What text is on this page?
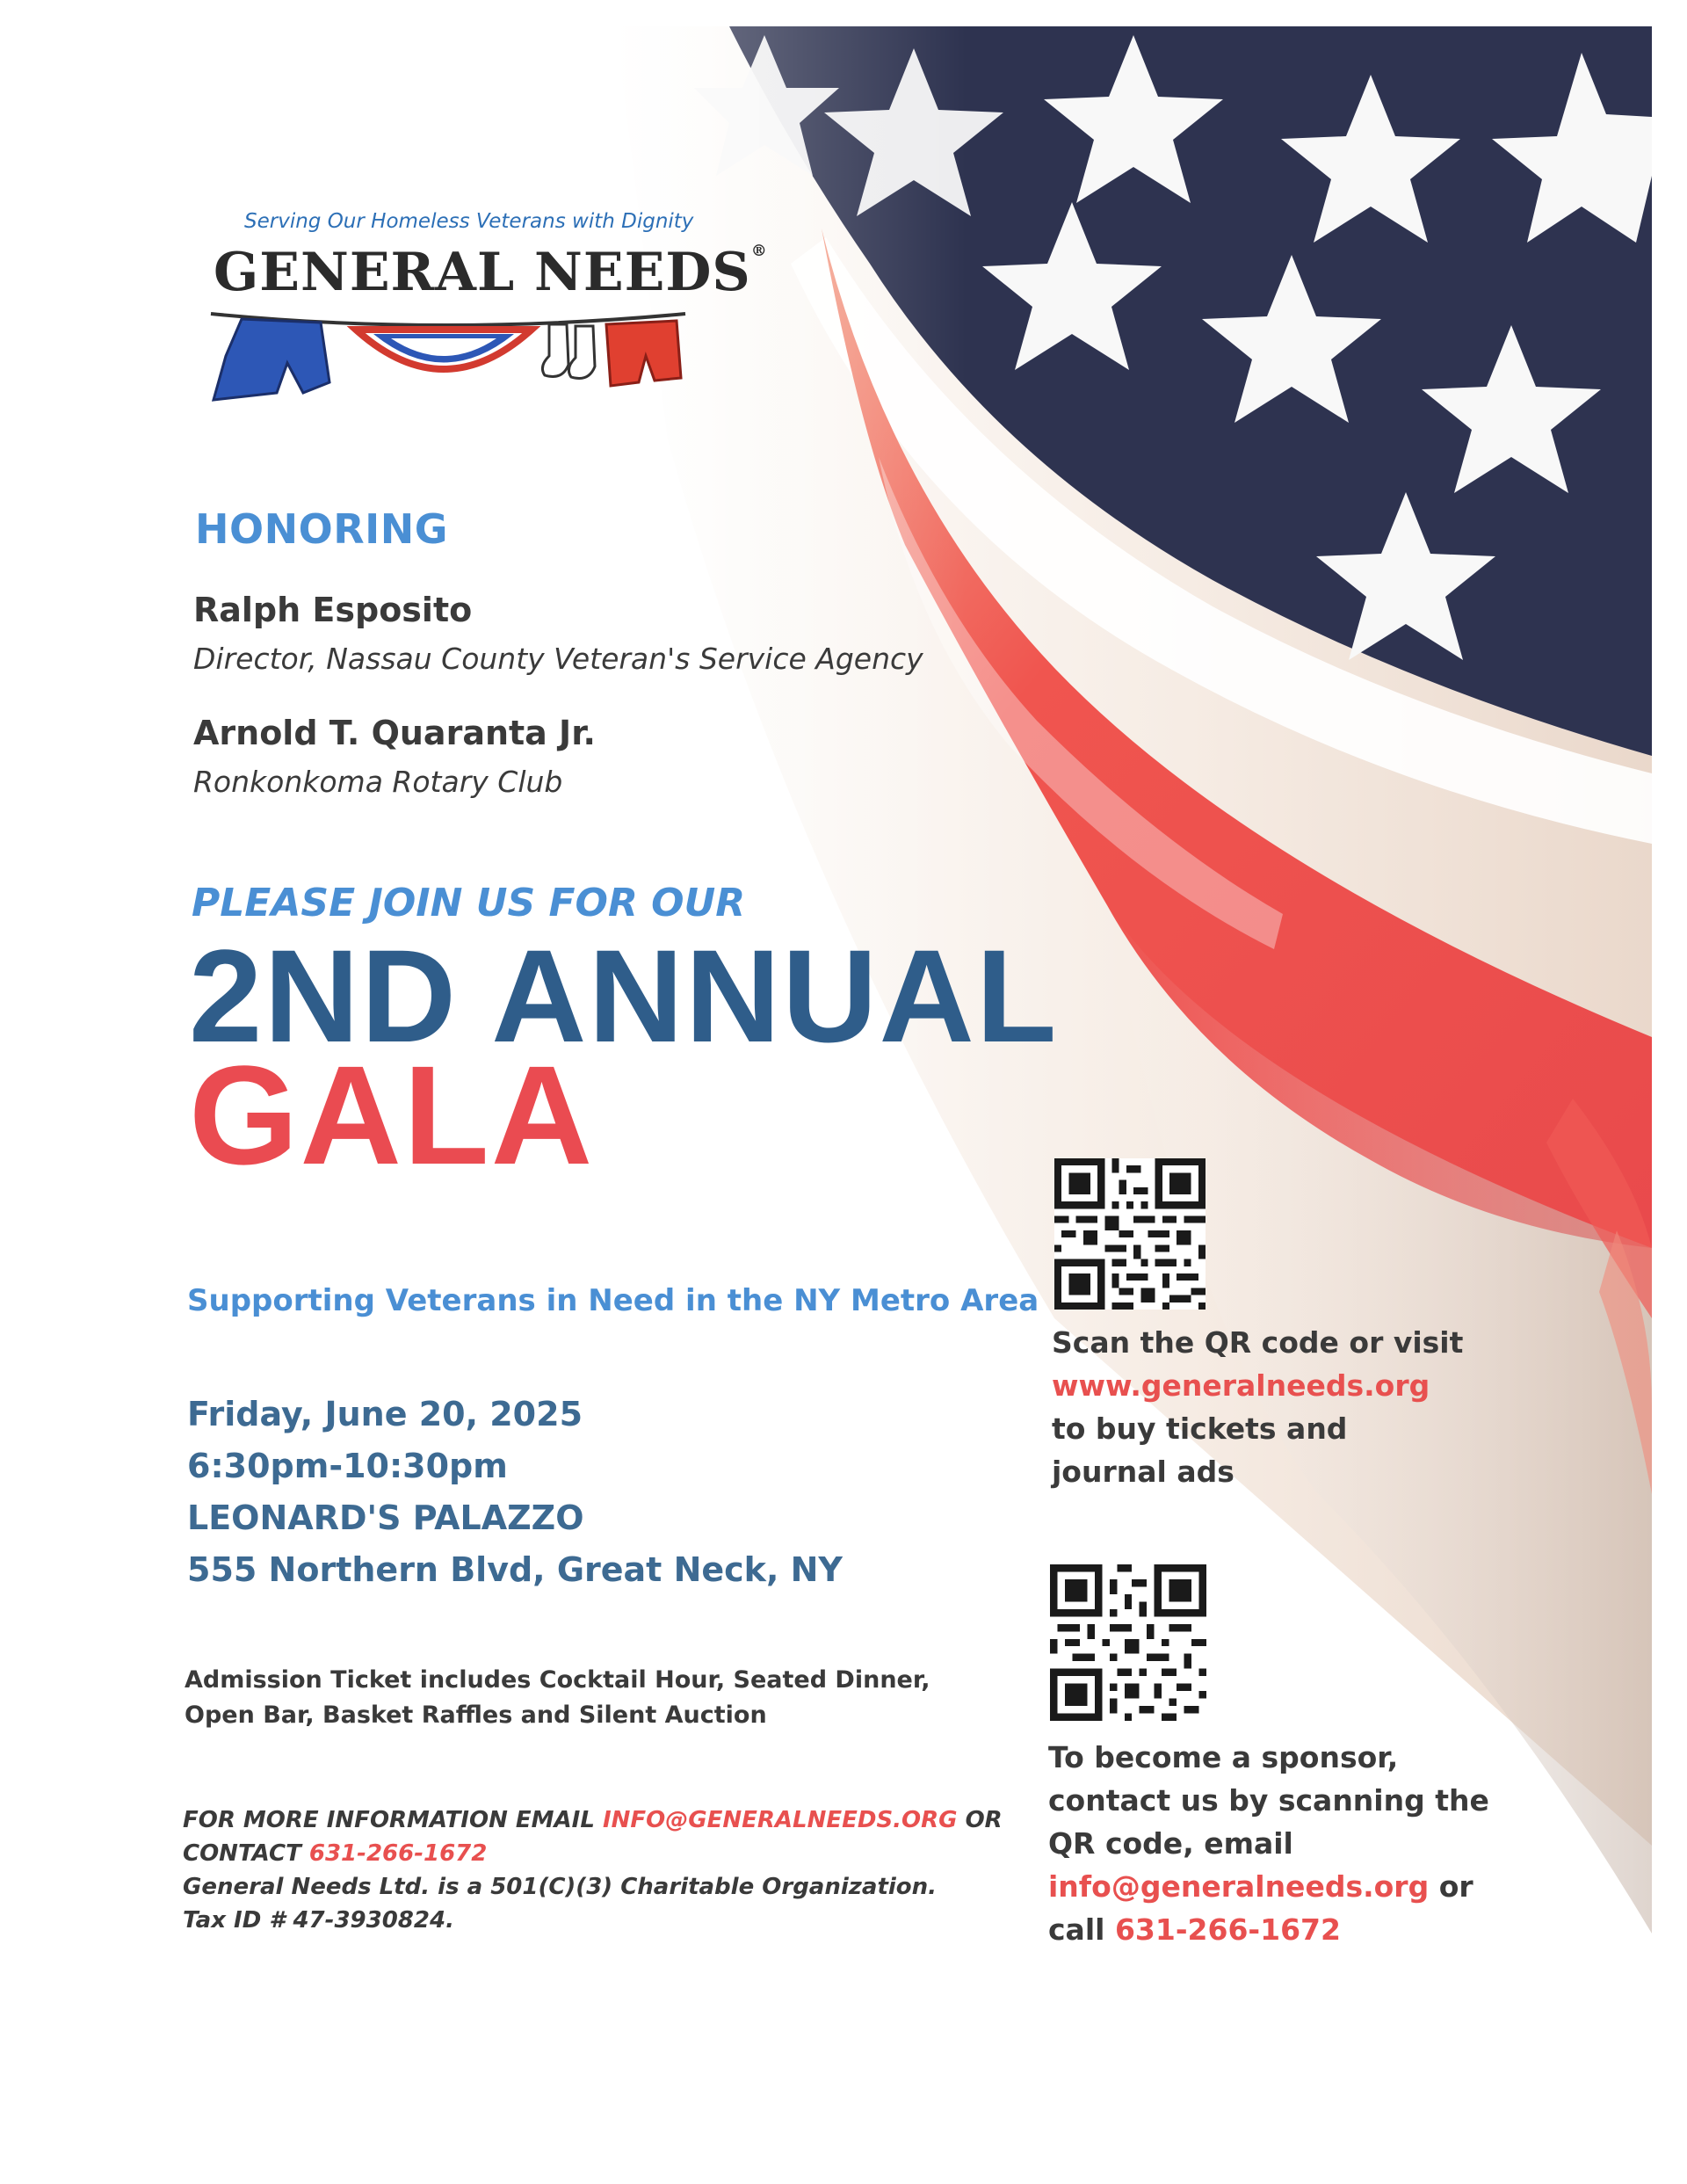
Serving Our Homeless Veterans with Dignity
GENERAL NEEDS®
HONORING
Ralph Esposito
Director, Nassau County Veteran's Service Agency
Arnold T. Quaranta Jr.
Ronkonkoma Rotary Club
PLEASE JOIN US FOR OUR
2ND ANNUAL
GALA
Supporting Veterans in Need in the NY Metro Area
Friday, June 20, 2025
6:30pm-10:30pm
LEONARD'S PALAZZO
555 Northern Blvd, Great Neck, NY
Admission Ticket includes Cocktail Hour, Seated Dinner, Open Bar, Basket Raffles and Silent Auction
FOR MORE INFORMATION EMAIL INFO@GENERALNEEDS.ORG OR
CONTACT 631-266-1672
General Needs Ltd. is a 501(C)(3) Charitable Organization.
Tax ID # 47-3930824.
Scan the QR code or visit
www.generalneeds.org
to buy tickets and
journal ads
To become a sponsor,
contact us by scanning the
QR code, email
info@generalneeds.org or
call 631-266-1672
